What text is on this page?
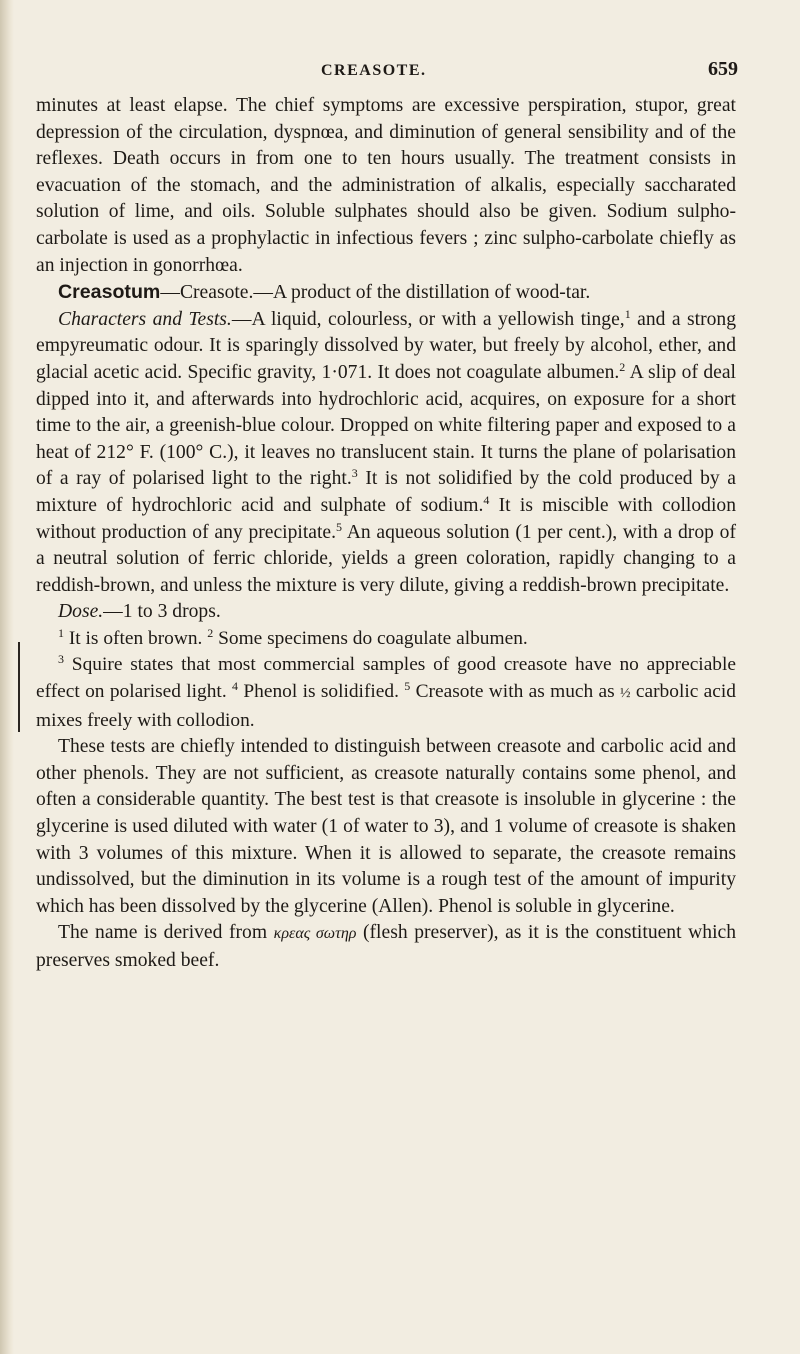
CREASOTE.	659

minutes at least elapse. The chief symptoms are excessive perspiration, stupor, great depression of the circulation, dyspnœa, and diminution of general sensibility and of the reflexes. Death occurs in from one to ten hours usually. The treatment consists in evacuation of the stomach, and the administration of alkalis, especially saccharated solution of lime, and oils. Soluble sulphates should also be given. Sodium sulpho-carbolate is used as a prophylactic in infectious fevers ; zinc sulpho-carbolate chiefly as an injection in gonorrhœa.

Creasotum—Creasote.—A product of the distillation of wood-tar.

Characters and Tests.—A liquid, colourless, or with a yellowish tinge,$^1$ and a strong empyreumatic odour. It is sparingly dissolved by water, but freely by alcohol, ether, and glacial acetic acid. Specific gravity, 1·071. It does not coagulate albumen.$^2$ A slip of deal dipped into it, and afterwards into hydrochloric acid, acquires, on exposure for a short time to the air, a greenish-blue colour. Dropped on white filtering paper and exposed to a heat of 212° F. (100° C.), it leaves no translucent stain. It turns the plane of polarisation of a ray of polarised light to the right.$^3$ It is not solidified by the cold produced by a mixture of hydrochloric acid and sulphate of sodium.$^4$ It is miscible with collodion without production of any precipitate.$^5$ An aqueous solution (1 per cent.), with a drop of a neutral solution of ferric chloride, yields a green coloration, rapidly changing to a reddish-brown, and unless the mixture is very dilute, giving a reddish-brown precipitate.

Dose.—1 to 3 drops.

$^1$ It is often brown. $^2$ Some specimens do coagulate albumen.

$^3$ Squire states that most commercial samples of good creasote have no appreciable effect on polarised light. $^4$ Phenol is solidified. $^5$ Creasote with as much as ½ carbolic acid mixes freely with collodion.

These tests are chiefly intended to distinguish between creasote and carbolic acid and other phenols. They are not sufficient, as creasote naturally contains some phenol, and often a considerable quantity. The best test is that creasote is insoluble in glycerine : the glycerine is used diluted with water (1 of water to 3), and 1 volume of creasote is shaken with 3 volumes of this mixture. When it is allowed to separate, the creasote remains undissolved, but the diminution in its volume is a rough test of the amount of impurity which has been dissolved by the glycerine (Allen). Phenol is soluble in glycerine.

The name is derived from κρεας σωτηρ (flesh preserver), as it is the constituent which preserves smoked beef.
